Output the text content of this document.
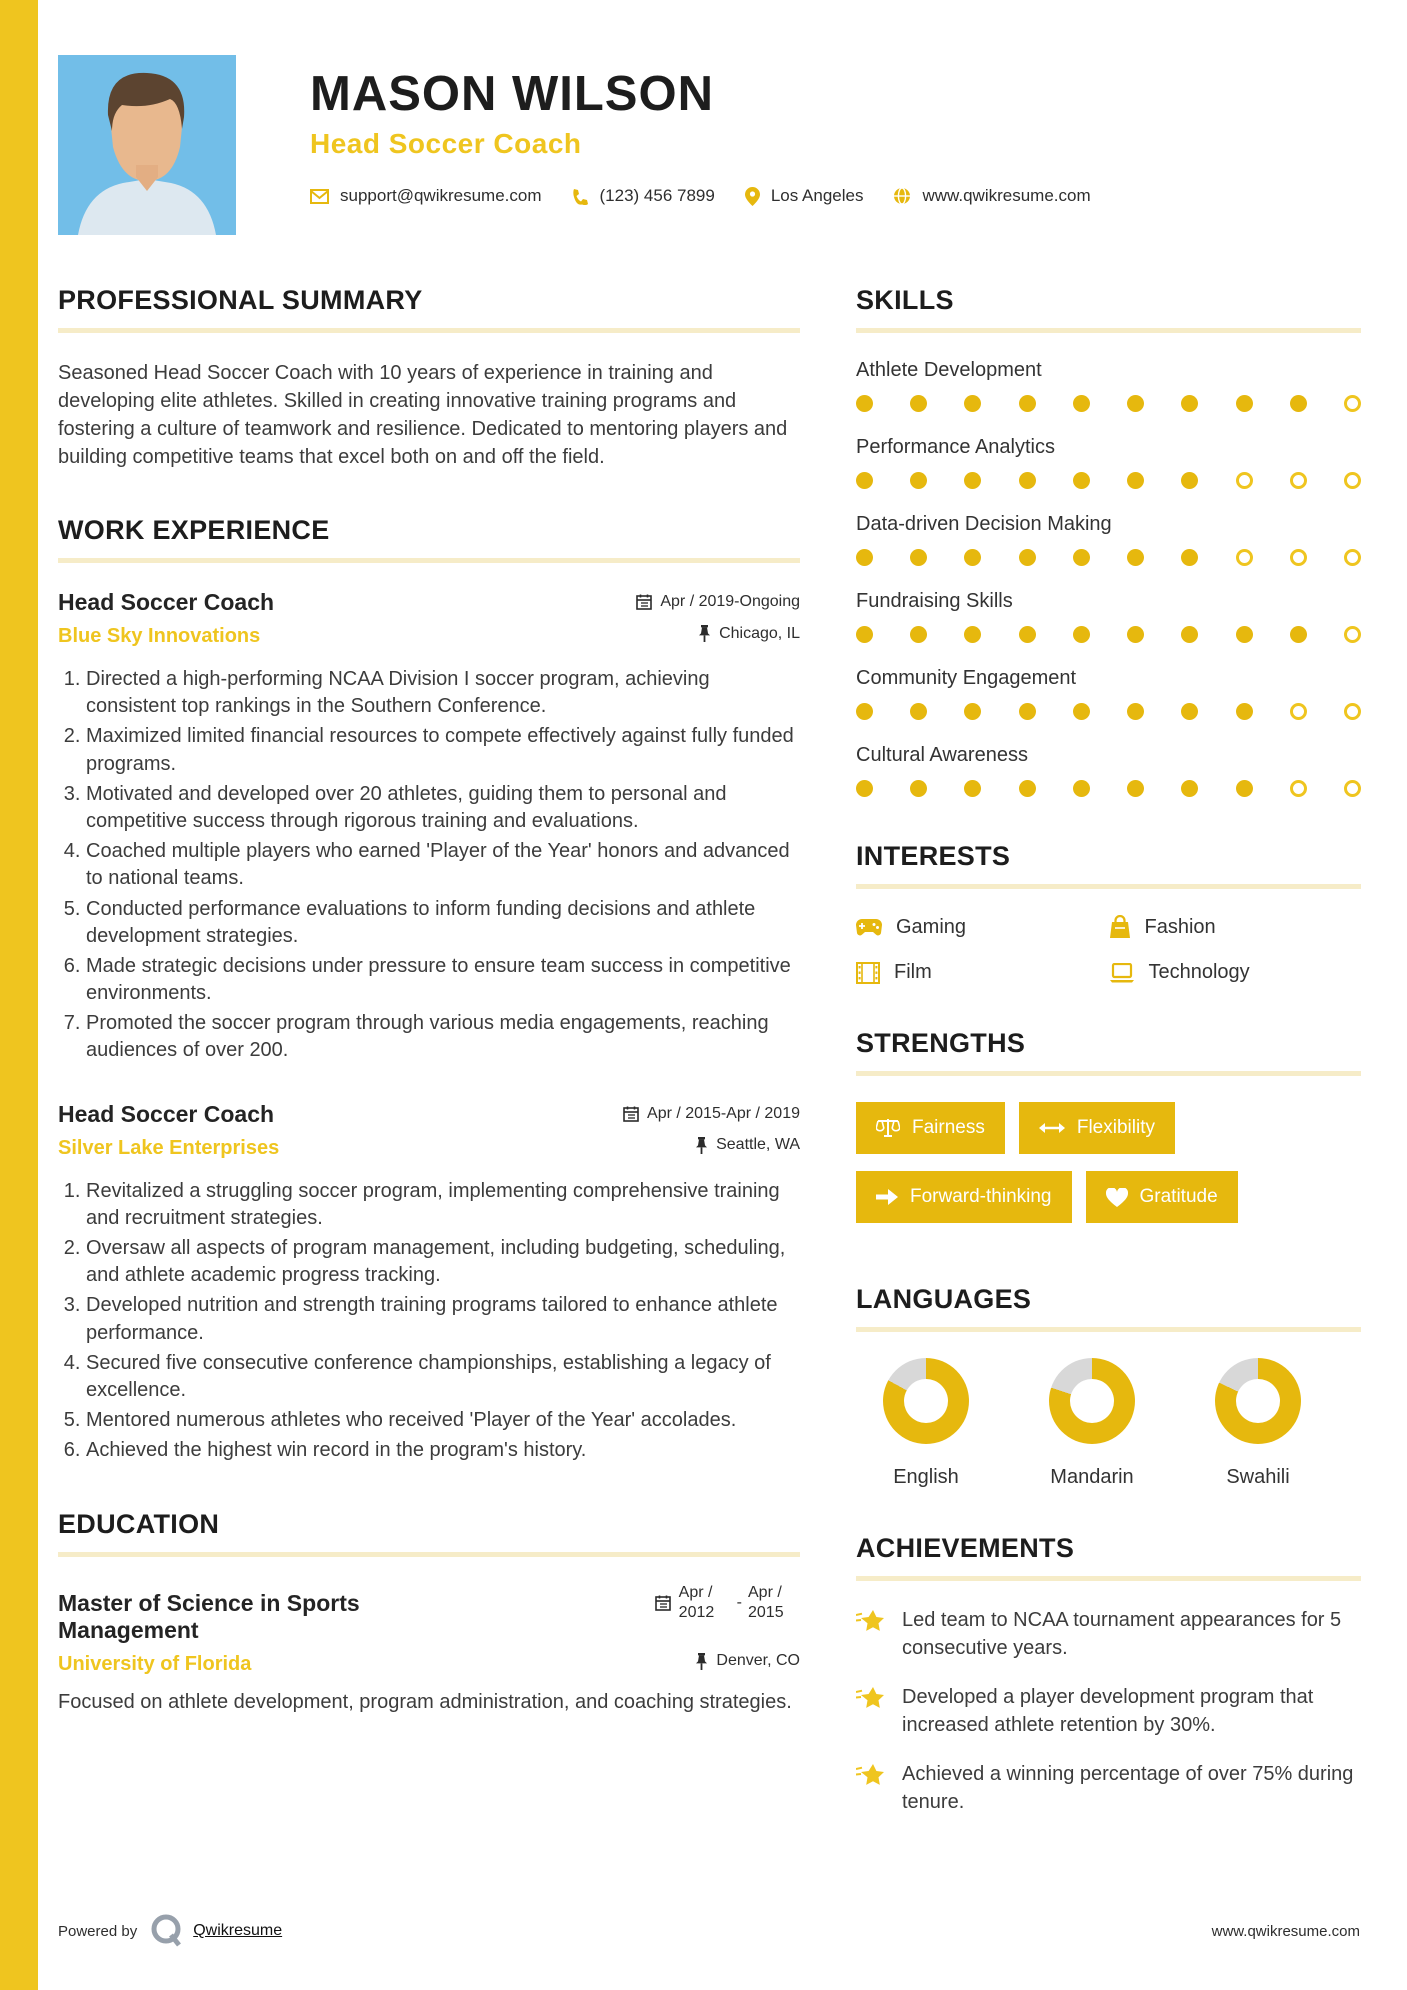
MASON WILSON
Head Soccer Coach
support@qwikresume.com	(123) 456 7899	Los Angeles	www.qwikresume.com
PROFESSIONAL SUMMARY
Seasoned Head Soccer Coach with 10 years of experience in training and developing elite athletes. Skilled in creating innovative training programs and fostering a culture of teamwork and resilience. Dedicated to mentoring players and building competitive teams that excel both on and off the field.
WORK EXPERIENCE
Head Soccer Coach	Apr / 2019-Ongoing
Blue Sky Innovations	Chicago, IL
1. Directed a high-performing NCAA Division I soccer program, achieving consistent top rankings in the Southern Conference.
2. Maximized limited financial resources to compete effectively against fully funded programs.
3. Motivated and developed over 20 athletes, guiding them to personal and competitive success through rigorous training and evaluations.
4. Coached multiple players who earned 'Player of the Year' honors and advanced to national teams.
5. Conducted performance evaluations to inform funding decisions and athlete development strategies.
6. Made strategic decisions under pressure to ensure team success in competitive environments.
7. Promoted the soccer program through various media engagements, reaching audiences of over 200.
Head Soccer Coach	Apr / 2015-Apr / 2019
Silver Lake Enterprises	Seattle, WA
1. Revitalized a struggling soccer program, implementing comprehensive training and recruitment strategies.
2. Oversaw all aspects of program management, including budgeting, scheduling, and athlete academic progress tracking.
3. Developed nutrition and strength training programs tailored to enhance athlete performance.
4. Secured five consecutive conference championships, establishing a legacy of excellence.
5. Mentored numerous athletes who received 'Player of the Year' accolades.
6. Achieved the highest win record in the program's history.
EDUCATION
Master of Science in Sports Management
Apr / 2012
-
Apr / 2015
University of Florida	Denver, CO
Focused on athlete development, program administration, and coaching strategies.
SKILLS
Athlete Development
Performance Analytics
Data-driven Decision Making
Fundraising Skills
Community Engagement
Cultural Awareness
INTERESTS
Gaming	Fashion
Film	Technology
STRENGTHS
Fairness	Flexibility
Forward-thinking	Gratitude
LANGUAGES
English	Mandarin	Swahili
ACHIEVEMENTS
Led team to NCAA tournament appearances for 5 consecutive years.
Developed a player development program that increased athlete retention by 30%.
Achieved a winning percentage of over 75% during tenure.
Powered by	Qwikresume	www.qwikresume.com
